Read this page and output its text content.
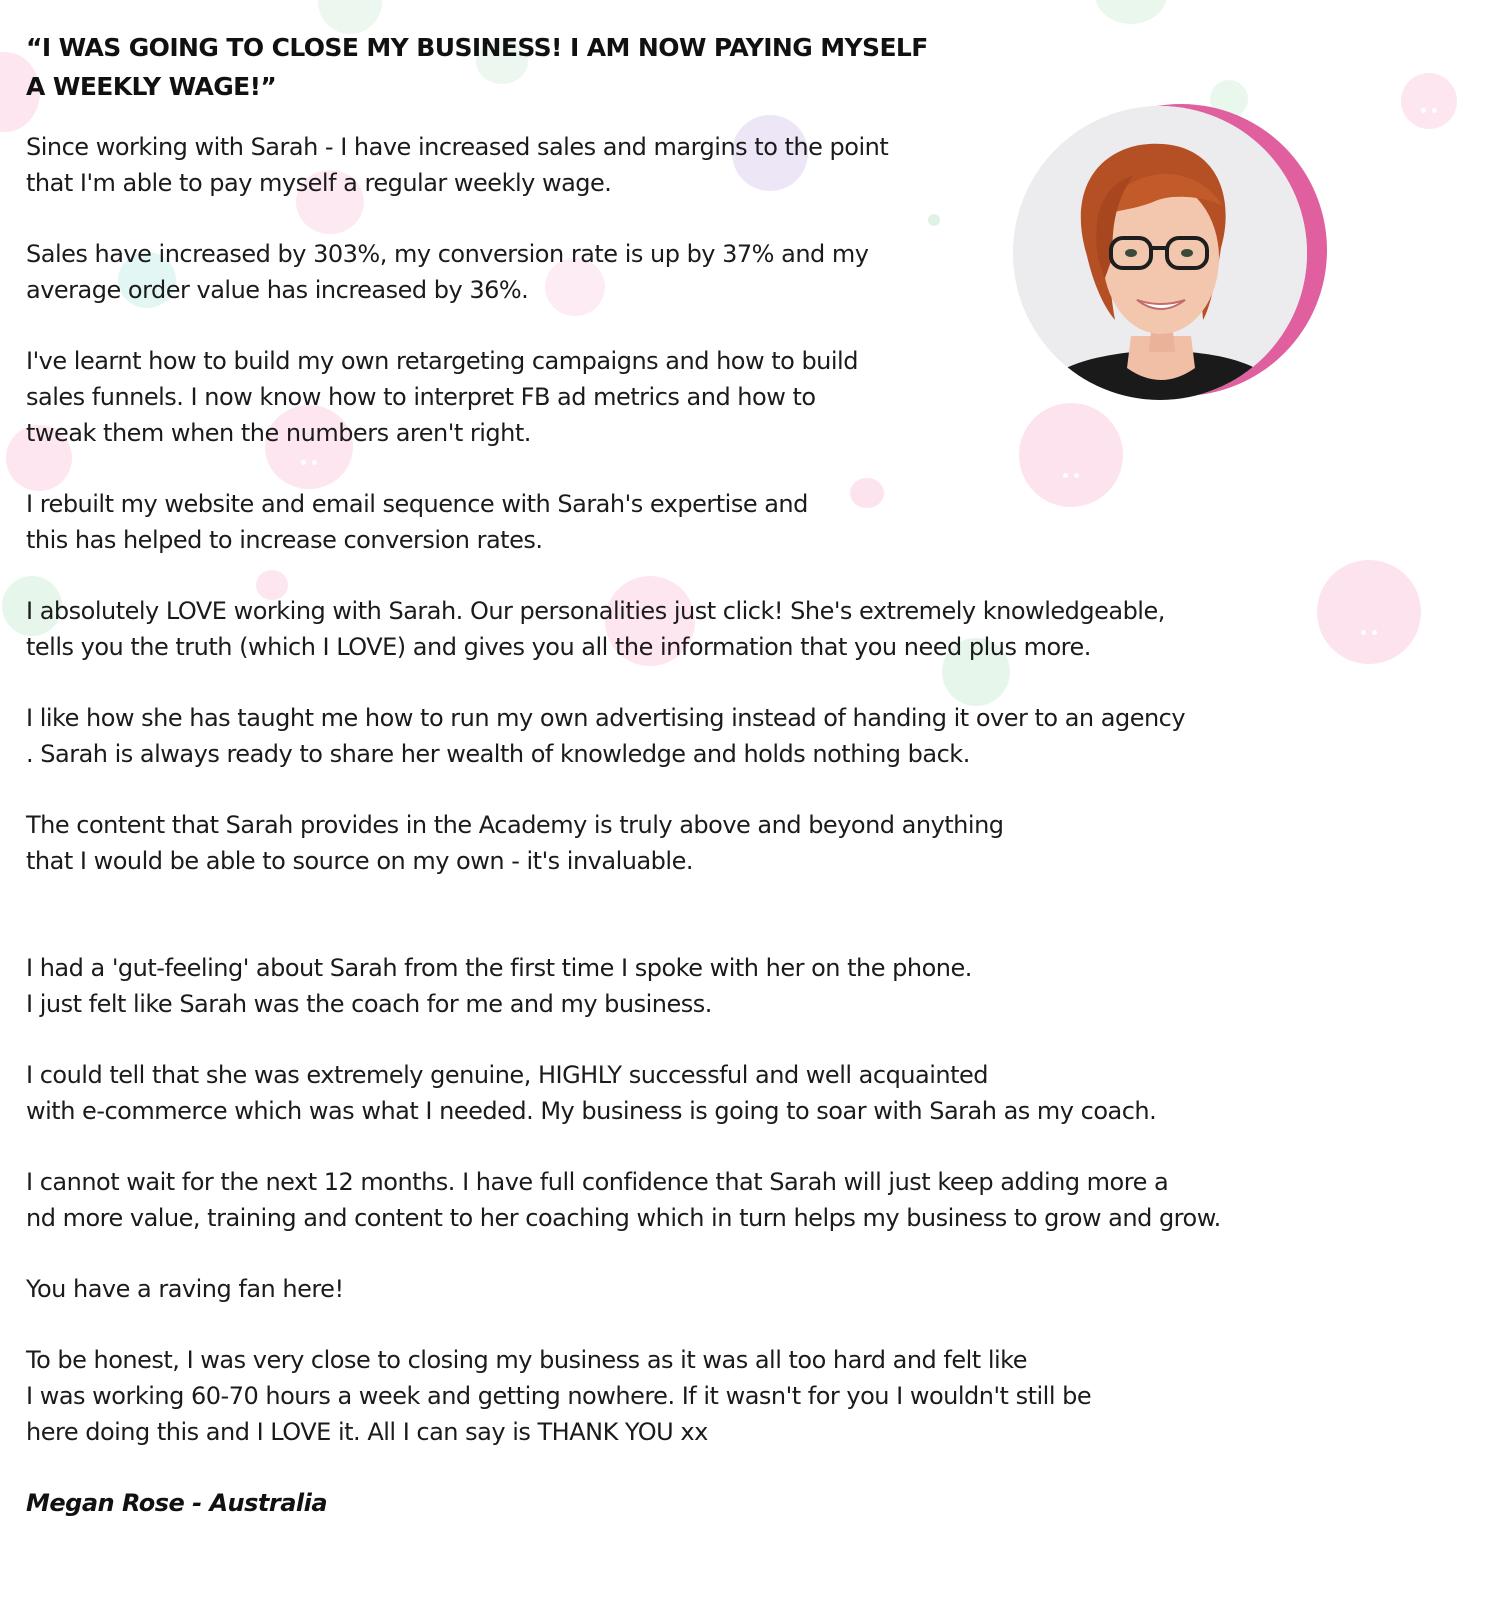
“I WAS GOING TO CLOSE MY BUSINESS! I AM NOW PAYING MYSELF
A WEEKLY WAGE!”

Since working with Sarah - I have increased sales and margins to the point
that I'm able to pay myself a regular weekly wage.

Sales have increased by 303%, my conversion rate is up by 37% and my
average order value has increased by 36%.

I've learnt how to build my own retargeting campaigns and how to build
sales funnels. I now know how to interpret FB ad metrics and how to
tweak them when the numbers aren't right.

I rebuilt my website and email sequence with Sarah's expertise and
this has helped to increase conversion rates.

I absolutely LOVE working with Sarah. Our personalities just click! She's extremely knowledgeable,
tells you the truth (which I LOVE) and gives you all the information that you need plus more.

I like how she has taught me how to run my own advertising instead of handing it over to an agency
. Sarah is always ready to share her wealth of knowledge and holds nothing back.

The content that Sarah provides in the Academy is truly above and beyond anything
that I would be able to source on my own - it's invaluable.

I had a 'gut-feeling' about Sarah from the first time I spoke with her on the phone.
I just felt like Sarah was the coach for me and my business.

I could tell that she was extremely genuine, HIGHLY successful and well acquainted
with e-commerce which was what I needed. My business is going to soar with Sarah as my coach.

I cannot wait for the next 12 months. I have full confidence that Sarah will just keep adding more a
nd more value, training and content to her coaching which in turn helps my business to grow and grow.

You have a raving fan here!

To be honest, I was very close to closing my business as it was all too hard and felt like
I was working 60-70 hours a week and getting nowhere. If it wasn't for you I wouldn't still be
here doing this and I LOVE it. All I can say is THANK YOU xx

Megan Rose - Australia
